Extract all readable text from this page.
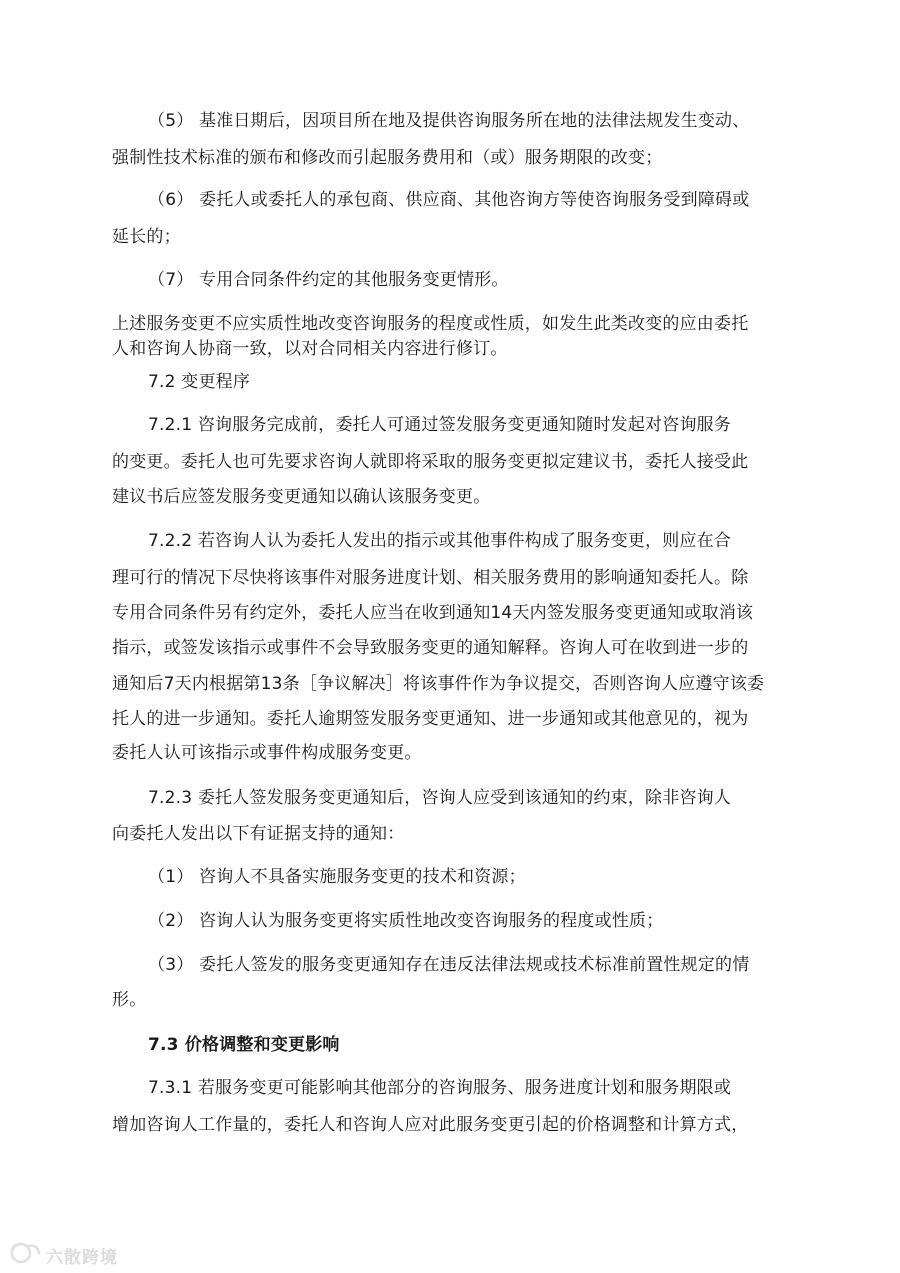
（5） 基准日期后，因项目所在地及提供咨询服务所在地的法律法规发生变动、
强制性技术标准的颁布和修改而引起服务费用和（或）服务期限的改变；
（6） 委托人或委托人的承包商、供应商、其他咨询方等使咨询服务受到障碍或
延长的；
（7） 专用合同条件约定的其他服务变更情形。
上述服务变更不应实质性地改变咨询服务的程度或性质，如发生此类改变的应由委托
人和咨询人协商一致，以对合同相关内容进行修订。
7.2 变更程序
7.2.1 咨询服务完成前，委托人可通过签发服务变更通知随时发起对咨询服务
的变更。委托人也可先要求咨询人就即将采取的服务变更拟定建议书，委托人接受此
建议书后应签发服务变更通知以确认该服务变更。
7.2.2 若咨询人认为委托人发出的指示或其他事件构成了服务变更，则应在合
理可行的情况下尽快将该事件对服务进度计划、相关服务费用的影响通知委托人。除
专用合同条件另有约定外，委托人应当在收到通知14天内签发服务变更通知或取消该
指示，或签发该指示或事件不会导致服务变更的通知解释。咨询人可在收到进一步的
通知后7天内根据第13条［争议解决］将该事件作为争议提交，否则咨询人应遵守该委
托人的进一步通知。委托人逾期签发服务变更通知、进一步通知或其他意见的，视为
委托人认可该指示或事件构成服务变更。
7.2.3 委托人签发服务变更通知后，咨询人应受到该通知的约束，除非咨询人
向委托人发出以下有证据支持的通知：
（1） 咨询人不具备实施服务变更的技术和资源；
（2） 咨询人认为服务变更将实质性地改变咨询服务的程度或性质；
（3） 委托人签发的服务变更通知存在违反法律法规或技术标准前置性规定的情
形。
7.3 价格调整和变更影响
7.3.1 若服务变更可能影响其他部分的咨询服务、服务进度计划和服务期限或
增加咨询人工作量的，委托人和咨询人应对此服务变更引起的价格调整和计算方式，
六散跨境
